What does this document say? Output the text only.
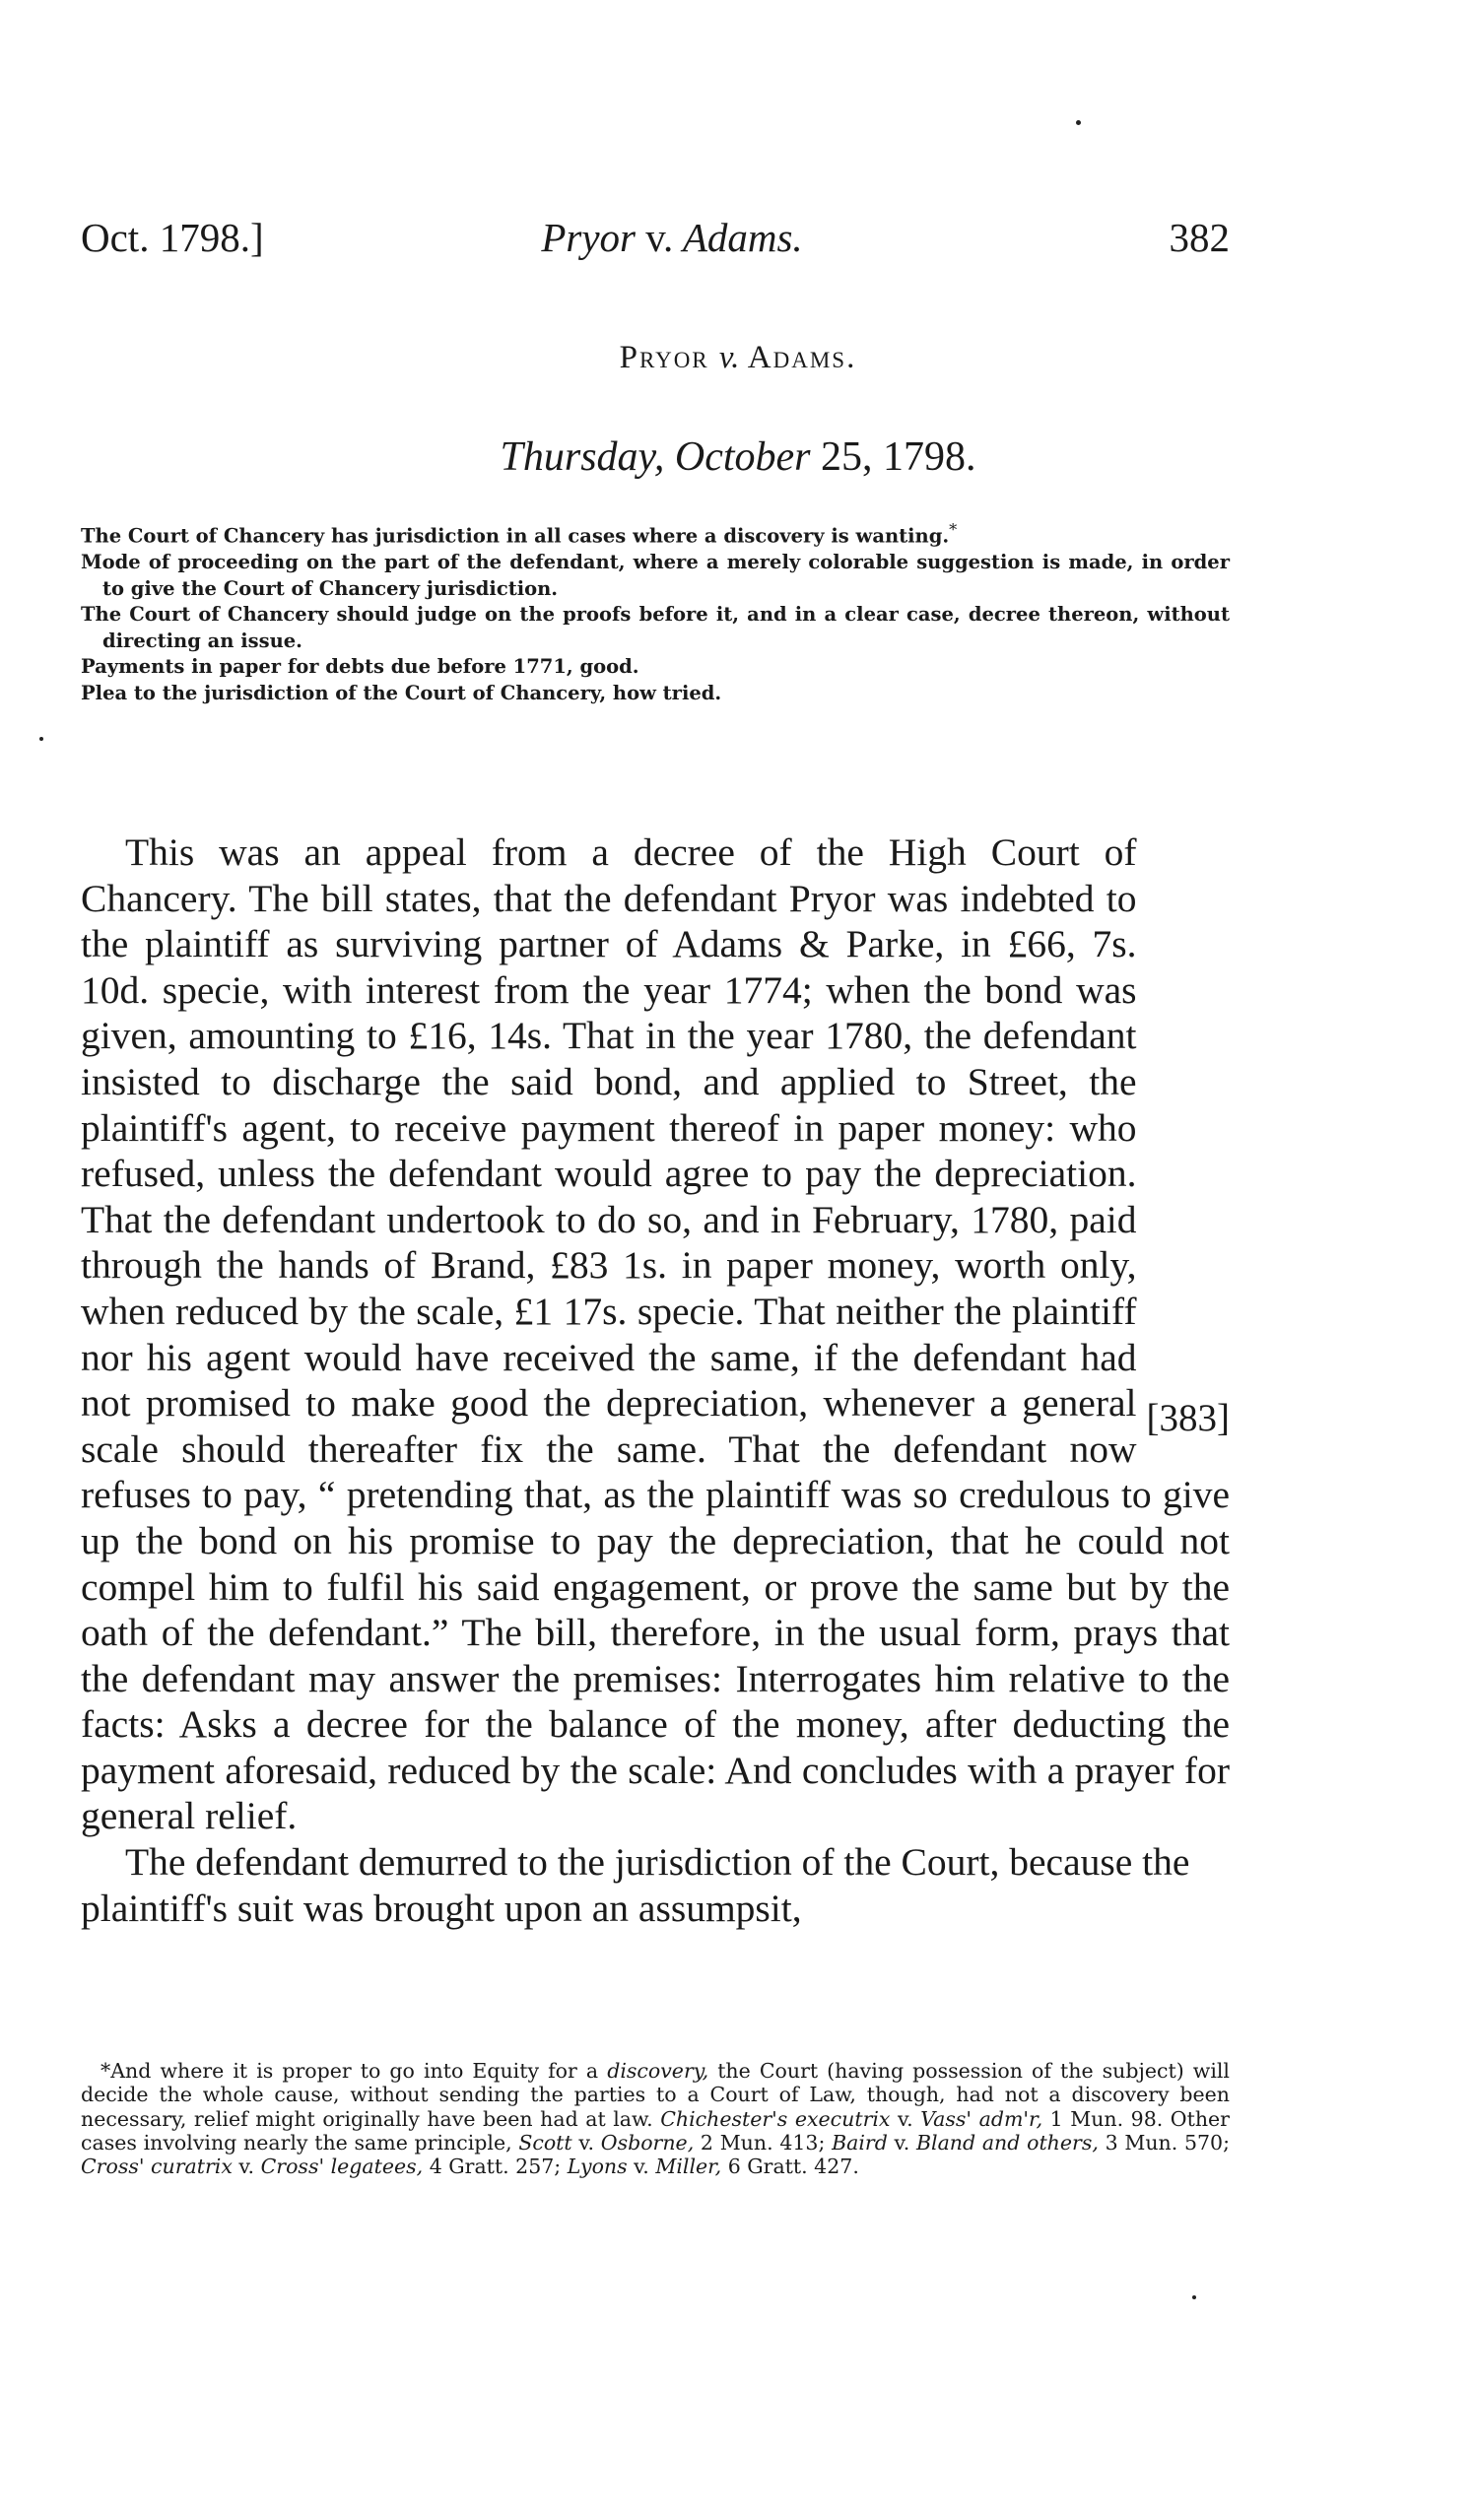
Oct. 1798.]	Pryor v. Adams.	382
Pryor v. Adams.
Thursday, October 25, 1798.
The Court of Chancery has jurisdiction in all cases where a discovery is wanting.*
Mode of proceeding on the part of the defendant, where a merely colorable suggestion is made, in order to give the Court of Chancery jurisdiction.
The Court of Chancery should judge on the proofs before it, and in a clear case, decree thereon, without directing an issue.
Payments in paper for debts due before 1771, good.
Plea to the jurisdiction of the Court of Chancery, how tried.
[383]

This was an appeal from a decree of the High Court of Chancery. The bill states, that the defendant Pryor was indebted to the plaintiff as surviving partner of Adams & Parke, in £66, 7s. 10d. specie, with interest from the year 1774; when the bond was given, amounting to £16, 14s. That in the year 1780, the defendant insisted to discharge the said bond, and applied to Street, the plaintiff's agent, to receive payment thereof in paper money: who refused, unless the defendant would agree to pay the depreciation. That the defendant undertook to do so, and in February, 1780, paid through the hands of Brand, £83 1s. in paper money, worth only, when reduced by the scale, £1 17s. specie. That neither the plaintiff nor his agent would have received the same, if the defendant had not promised to make good the depreciation, whenever a general scale should thereafter fix the same. That the defendant now refuses to pay, “ pretending that, as the plaintiff was so credulous to give up the bond on his promise to pay the depreciation, that he could not compel him to fulfil his said engagement, or prove the same but by the oath of the defendant.” The bill, therefore, in the usual form, prays that the defendant may answer the premises: Interrogates him relative to the facts: Asks a decree for the balance of the money, after deducting the payment aforesaid, reduced by the scale: And concludes with a prayer for general relief.

The defendant demurred to the jurisdiction of the Court, because the plaintiff's suit was brought upon an assumpsit,

*And where it is proper to go into Equity for a discovery, the Court (having possession of the subject) will decide the whole cause, without sending the parties to a Court of Law, though, had not a discovery been necessary, relief might originally have been had at law. Chichester's executrix v. Vass' adm'r, 1 Mun. 98. Other cases involving nearly the same principle, Scott v. Osborne, 2 Mun. 413; Baird v. Bland and others, 3 Mun. 570; Cross' curatrix v. Cross' legatees, 4 Gratt. 257; Lyons v. Miller, 6 Gratt. 427.
